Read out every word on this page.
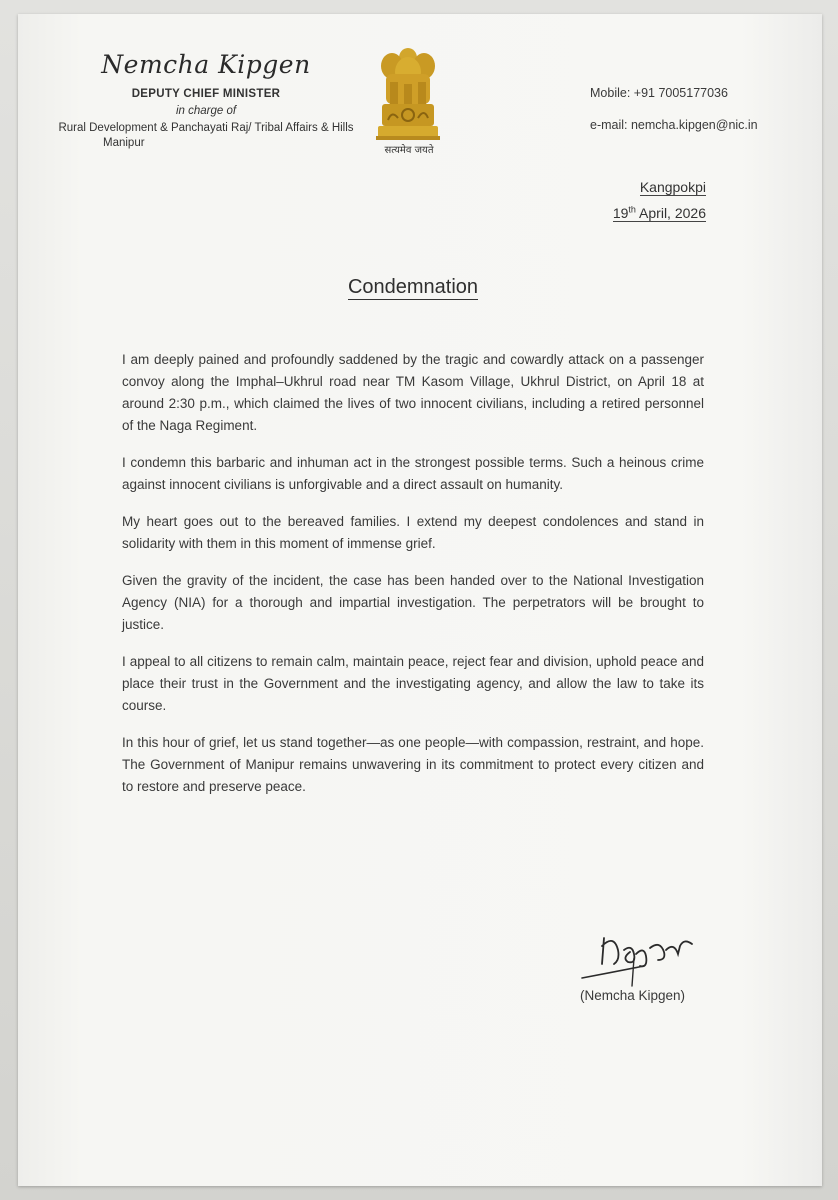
Nemcha Kipgen
DEPUTY CHIEF MINISTER
in charge of
Rural Development & Panchayati Raj/ Tribal Affairs & Hills
Manipur
सत्यमेव जयते
Mobile: +91 7005177036
e-mail: nemcha.kipgen@nic.in
Kangpokpi
19th April, 2026
Condemnation

I am deeply pained and profoundly saddened by the tragic and cowardly attack on a passenger convoy along the Imphal–Ukhrul road near TM Kasom Village, Ukhrul District, on April 18 at around 2:30 p.m., which claimed the lives of two innocent civilians, including a retired personnel of the Naga Regiment.

I condemn this barbaric and inhuman act in the strongest possible terms. Such a heinous crime against innocent civilians is unforgivable and a direct assault on humanity.

My heart goes out to the bereaved families. I extend my deepest condolences and stand in solidarity with them in this moment of immense grief.

Given the gravity of the incident, the case has been handed over to the National Investigation Agency (NIA) for a thorough and impartial investigation. The perpetrators will be brought to justice.

I appeal to all citizens to remain calm, maintain peace, reject fear and division, uphold peace and place their trust in the Government and the investigating agency, and allow the law to take its course.

In this hour of grief, let us stand together—as one people—with compassion, restraint, and hope. The Government of Manipur remains unwavering in its commitment to protect every citizen and to restore and preserve peace.

(Nemcha Kipgen)
